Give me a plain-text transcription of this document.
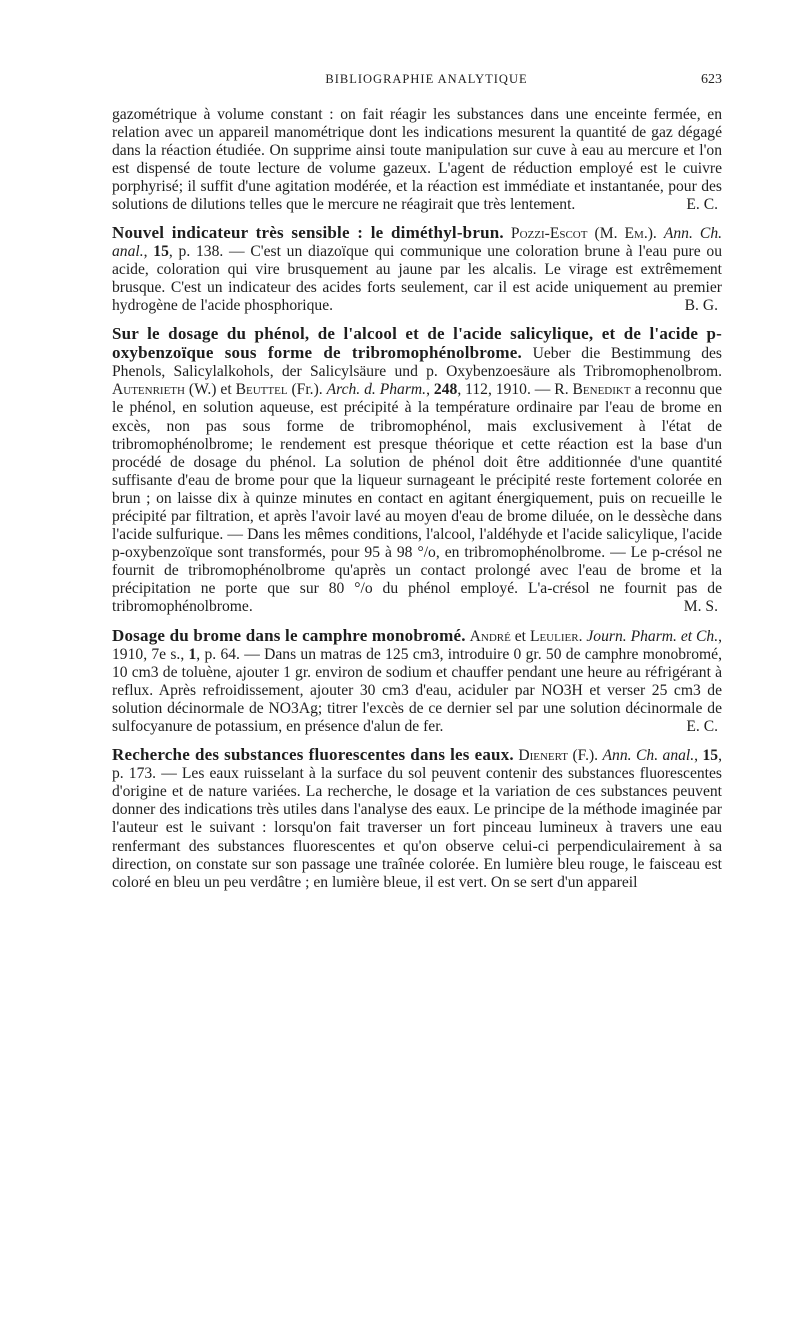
BIBLIOGRAPHIE ANALYTIQUE	623

gazométrique à volume constant : on fait réagir les substances dans une enceinte fermée, en relation avec un appareil manométrique dont les indications mesurent la quantité de gaz dégagé dans la réaction étudiée. On supprime ainsi toute manipulation sur cuve à eau au mercure et l'on est dispensé de toute lecture de volume gazeux. L'agent de réduction employé est le cuivre porphyrisé; il suffit d'une agitation modérée, et la réaction est immédiate et instantanée, pour des solutions de dilutions telles que le mercure ne réagirait que très lentement.	E. C.

Nouvel indicateur très sensible : le diméthyl-brun. Pozzi-Escot (M. Em.). Ann. Ch. anal., 15, p. 138. — C'est un diazoïque qui communique une coloration brune à l'eau pure ou acide, coloration qui vire brusquement au jaune par les alcalis. Le virage est extrêmement brusque. C'est un indicateur des acides forts seulement, car il est acide uniquement au premier hydrogène de l'acide phosphorique.	B. G.

Sur le dosage du phénol, de l'alcool et de l'acide salicylique, et de l'acide p-oxybenzoïque sous forme de tribromophénolbrome. Ueber die Bestimmung des Phenols, Salicylalkohols, der Salicylsäure und p. Oxybenzoesäure als Tribromophenolbrom. Autenrieth (W.) et Beuttel (Fr.). Arch. d. Pharm., 248, 112, 1910. — R. Benedikt a reconnu que le phénol, en solution aqueuse, est précipité à la température ordinaire par l'eau de brome en excès, non pas sous forme de tribromophénol, mais exclusivement à l'état de tribromophénolbrome; le rendement est presque théorique et cette réaction est la base d'un procédé de dosage du phénol. La solution de phénol doit être additionnée d'une quantité suffisante d'eau de brome pour que la liqueur surnageant le précipité reste fortement colorée en brun ; on laisse dix à quinze minutes en contact en agitant énergiquement, puis on recueille le précipité par filtration, et après l'avoir lavé au moyen d'eau de brome diluée, on le dessèche dans l'acide sulfurique. — Dans les mêmes conditions, l'alcool, l'aldéhyde et l'acide salicylique, l'acide p-oxybenzoïque sont transformés, pour 95 à 98 °/o, en tribromophénolbrome. — Le p-crésol ne fournit de tribromophénolbrome qu'après un contact prolongé avec l'eau de brome et la précipitation ne porte que sur 80 °/o du phénol employé. L'a-crésol ne fournit pas de tribromophénolbrome.	M. S.

Dosage du brome dans le camphre monobromé. André et Leulier. Journ. Pharm. et Ch., 1910, 7e s., 1, p. 64. — Dans un matras de 125 cm3, introduire 0 gr. 50 de camphre monobromé, 10 cm3 de toluène, ajouter 1 gr. environ de sodium et chauffer pendant une heure au réfrigérant à reflux. Après refroidissement, ajouter 30 cm3 d'eau, aciduler par NO3H et verser 25 cm3 de solution décinormale de NO3Ag; titrer l'excès de ce dernier sel par une solution décinormale de sulfocyanure de potassium, en présence d'alun de fer.	E. C.

Recherche des substances fluorescentes dans les eaux. Dienert (F.). Ann. Ch. anal., 15, p. 173. — Les eaux ruisselant à la surface du sol peuvent contenir des substances fluorescentes d'origine et de nature variées. La recherche, le dosage et la variation de ces substances peuvent donner des indications très utiles dans l'analyse des eaux. Le principe de la méthode imaginée par l'auteur est le suivant : lorsqu'on fait traverser un fort pinceau lumineux à travers une eau renfermant des substances fluorescentes et qu'on observe celui-ci perpendiculairement à sa direction, on constate sur son passage une traînée colorée. En lumière bleu rouge, le faisceau est coloré en bleu un peu verdâtre ; en lumière bleue, il est vert. On se sert d'un appareil
